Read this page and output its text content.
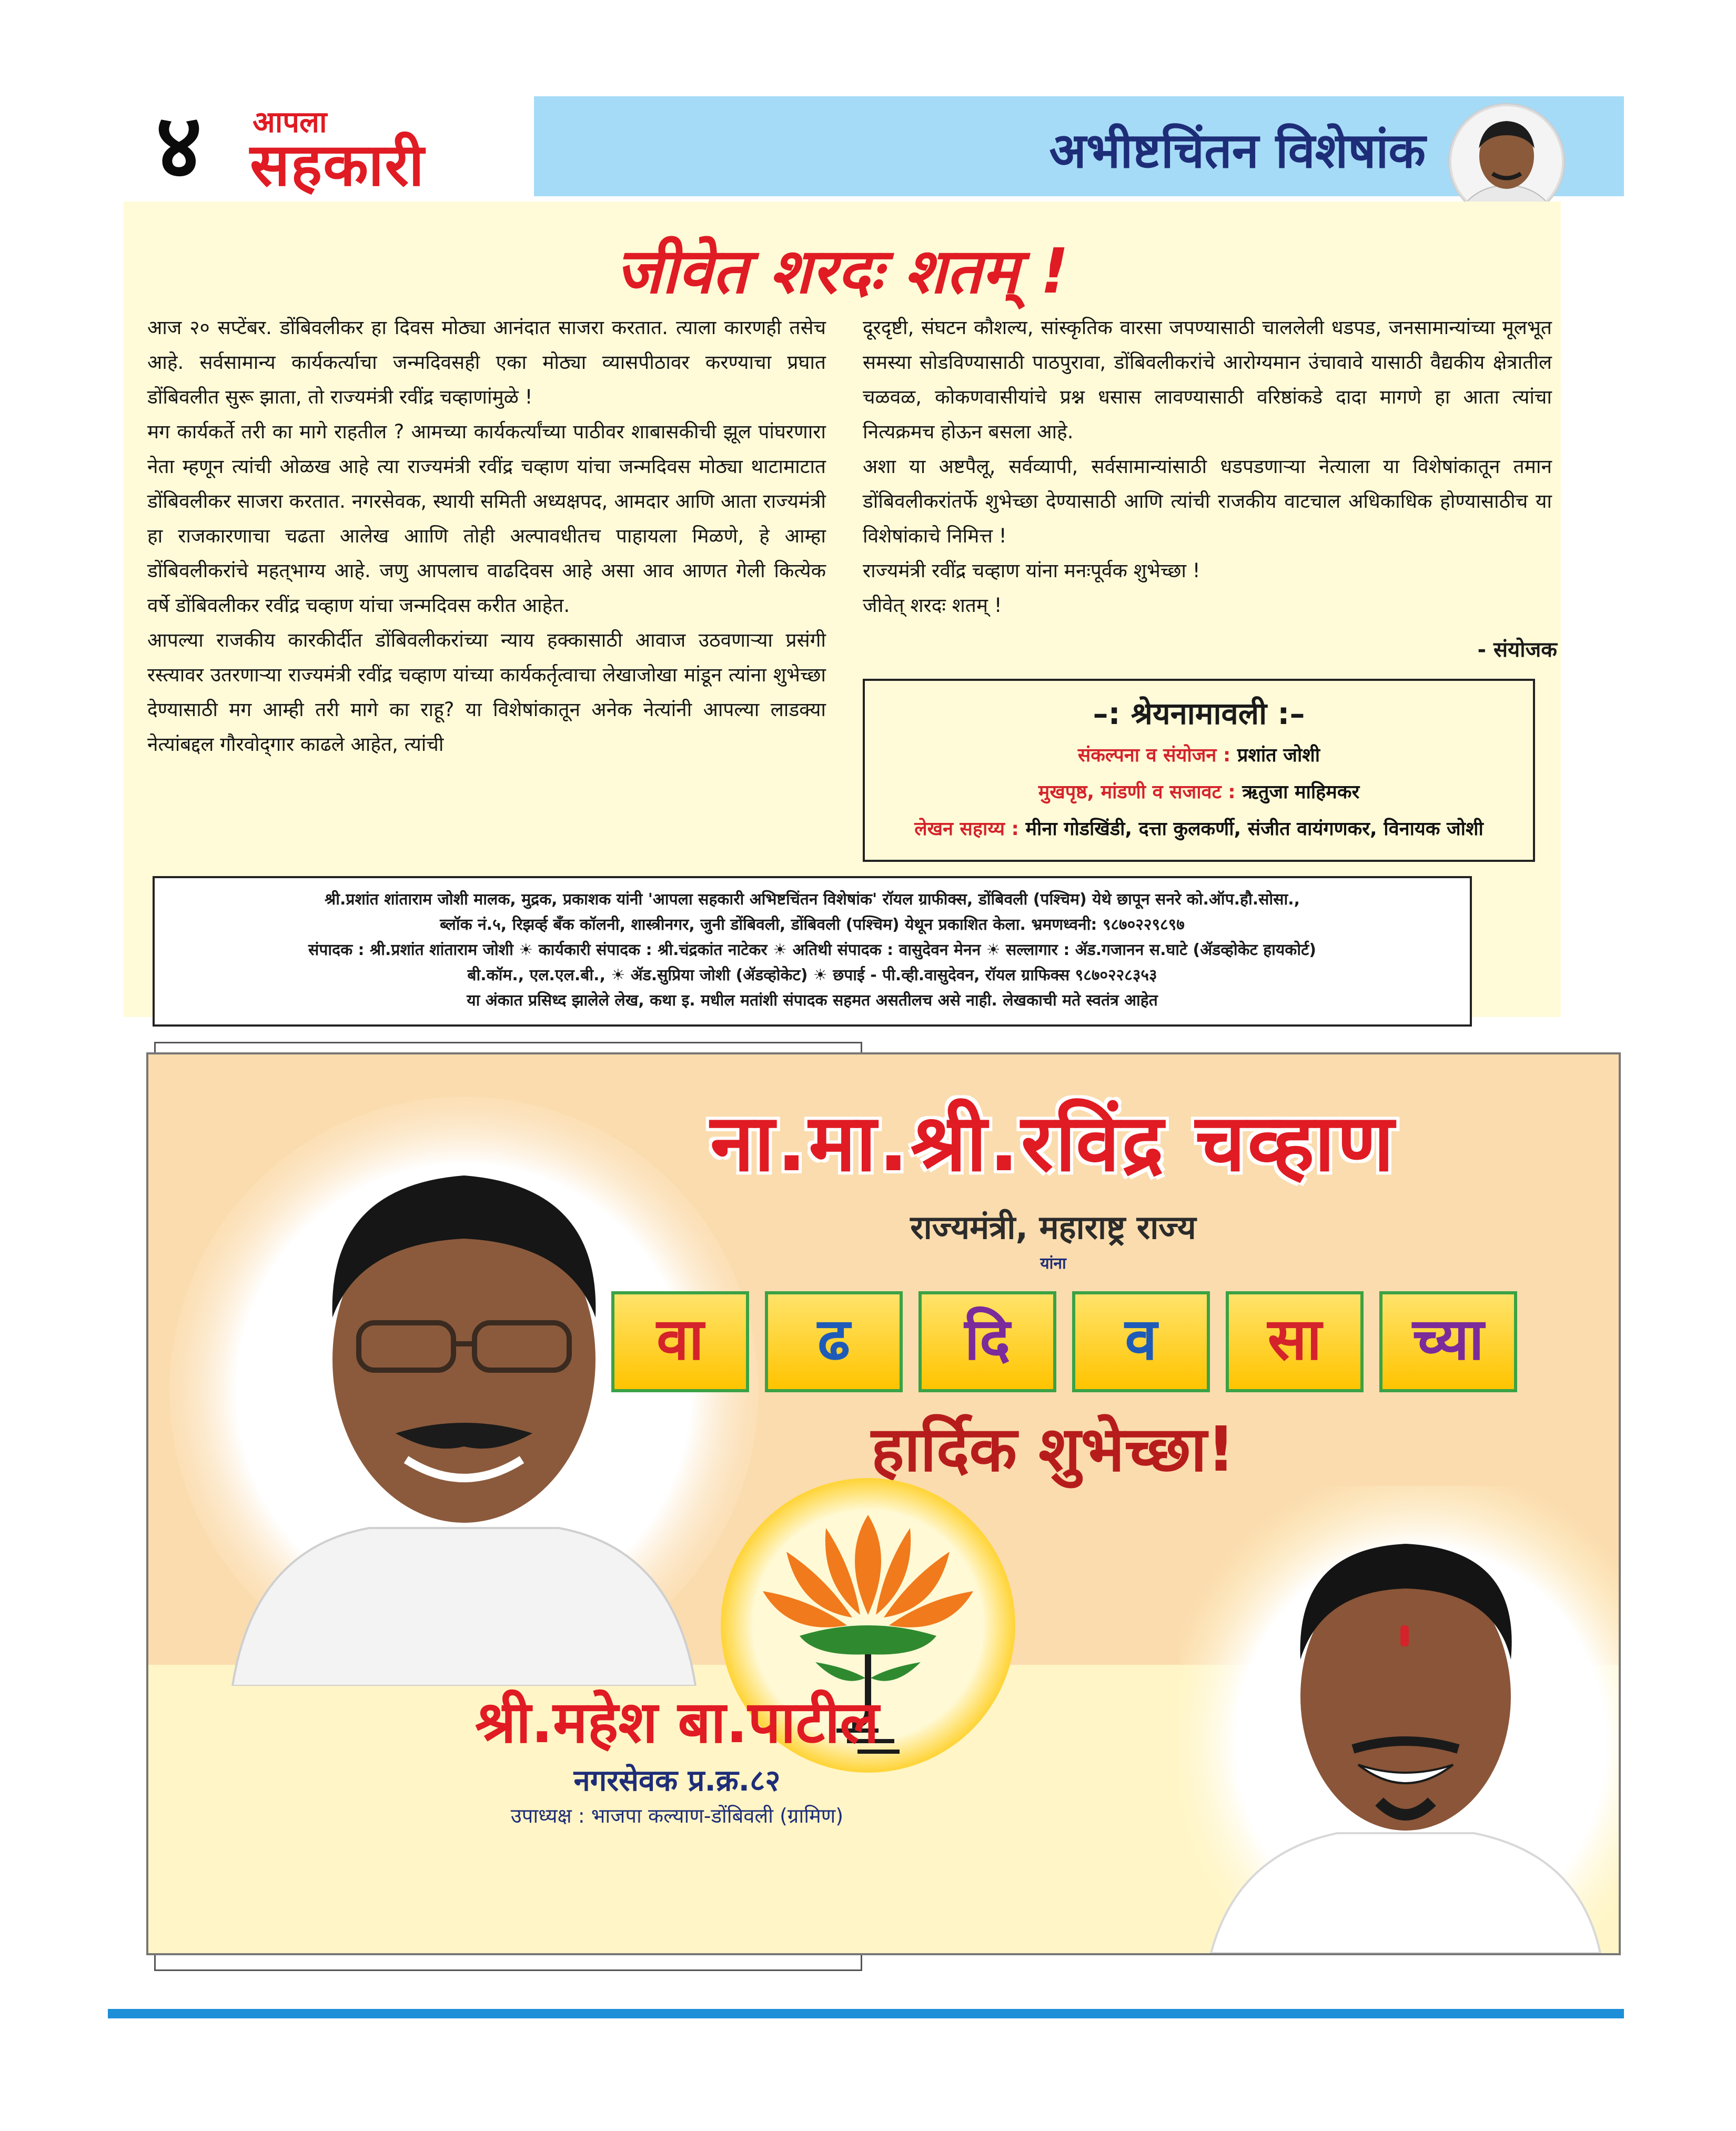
४	आपला
सहकारी	अभीष्टचिंतन विशेषांक
जीवेत शरदः शतम् !

आज २० सप्टेंबर. डोंबिवलीकर हा दिवस मोठ्या आनंदात साजरा करतात. त्याला कारणही तसेच आहे. सर्वसामान्य कार्यकर्त्याचा जन्मदिवसही एका मोठ्या व्यासपीठावर करण्याचा प्रघात डोंबिवलीत सुरू झाता, तो राज्यमंत्री रवींद्र चव्हाणांमुळे !

मग कार्यकर्ते तरी का मागे राहतील ? आमच्या कार्यकर्त्यांच्या पाठीवर शाबासकीची झूल पांघरणारा नेता म्हणून त्यांची ओळख आहे त्या राज्यमंत्री रवींद्र चव्हाण यांचा जन्मदिवस मोठ्या थाटामाटात डोंबिवलीकर साजरा करतात. नगरसेवक, स्थायी समिती अध्यक्षपद, आमदार आणि आता राज्यमंत्री हा राजकारणाचा चढता आलेख आाणि तोही अल्पावधीतच पाहायला मिळणे, हे आम्हा डोंबिवलीकरांचे महत्‌भाग्य आहे. जणु आपलाच वाढदिवस आहे असा आव आणत गेली कित्येक वर्षे डोंबिवलीकर रवींद्र चव्हाण यांचा जन्मदिवस करीत आहेत.

आपल्या राजकीय कारकीर्दीत डोंबिवलीकरांच्या न्याय हक्कासाठी आवाज उठवणाऱ्या प्रसंगी रस्त्यावर उतरणाऱ्या राज्यमंत्री रवींद्र चव्हाण यांच्या कार्यकर्तृत्वाचा लेखाजोखा मांडून त्यांना शुभेच्छा देण्यासाठी मग आम्ही तरी मागे का राहू? या विशेषांकातून अनेक नेत्यांनी आपल्या लाडक्या नेत्यांबद्दल गौरवोद्‌गार काढले आहेत, त्यांची

दूरदृष्टी, संघटन कौशल्य, सांस्कृतिक वारसा जपण्यासाठी चाललेली धडपड, जनसामान्यांच्या मूलभूत समस्या सोडविण्यासाठी पाठपुरावा, डोंबिवलीकरांचे आरोग्यमान उंचावावे यासाठी वैद्यकीय क्षेत्रातील चळवळ, कोकणवासीयांचे प्रश्न धसास लावण्यासाठी वरिष्ठांकडे दादा मागणे हा आता त्यांचा नित्यक्रमच होऊन बसला आहे.

अशा या अष्टपैलू, सर्वव्यापी, सर्वसामान्यांसाठी धडपडणाऱ्या नेत्याला या विशेषांकातून तमान डोंबिवलीकरांतर्फे शुभेच्छा देण्यासाठी आणि त्यांची राजकीय वाटचाल अधिकाधिक होण्यासाठीच या विशेषांकाचे निमित्त !

राज्यमंत्री रवींद्र चव्हाण यांना मनःपूर्वक शुभेच्छा !

जीवेत् शरदः शतम् !

- संयोजक
–: श्रेयनामावली :–
संकल्पना व संयोजन : प्रशांत जोशी
मुखपृष्ठ, मांडणी व सजावट : ऋतुजा माहिमकर
लेखन सहाय्य : मीना गोडखिंडी, दत्ता कुलकर्णी, संजीत वायंगणकर, विनायक जोशी
श्री.प्रशांत शांताराम जोशी मालक, मुद्रक, प्रकाशक यांनी 'आपला सहकारी अभिष्टचिंतन विशेषांक' रॉयल ग्राफीक्स, डोंबिवली (पश्चिम) येथे छापून सनरे को.ऑप.हौ.सोसा.,
ब्लॉक नं.५, रिझर्व्ह बँक कॉलनी, शास्त्रीनगर, जुनी डोंबिवली, डोंबिवली (पश्चिम) येथून प्रकाशित केला. भ्रमणध्वनी: ९८७०२२९८९७
संपादक : श्री.प्रशांत शांताराम जोशी ☀ कार्यकारी संपादक : श्री.चंद्रकांत नाटेकर ☀ अतिथी संपादक : वासुदेवन मेनन ☀ सल्लागार : ॲड.गजानन स.घाटे (ॲडव्होकेट हायकोर्ट)
बी.कॉम., एल.एल.बी., ☀ ॲड.सुप्रिया जोशी (ॲडव्होकेट) ☀ छपाई - पी.व्ही.वासुदेवन, रॉयल ग्राफिक्स ९८७०२२८३५३
या अंकात प्रसिध्द झालेले लेख, कथा इ. मधील मतांशी संपादक सहमत असतीलच असे नाही. लेखकाची मते स्वतंत्र आहेत
ना.मा.श्री.रविंद्र चव्हाण
राज्यमंत्री, महाराष्ट्र राज्य
यांना
वा	ढ	दि	व	सा	च्या
हार्दिक शुभेच्छा!
श्री.महेश बा.पाटील
नगरसेवक प्र.क्र.८२
उपाध्यक्ष : भाजपा कल्याण-डोंबिवली (ग्रामिण)
